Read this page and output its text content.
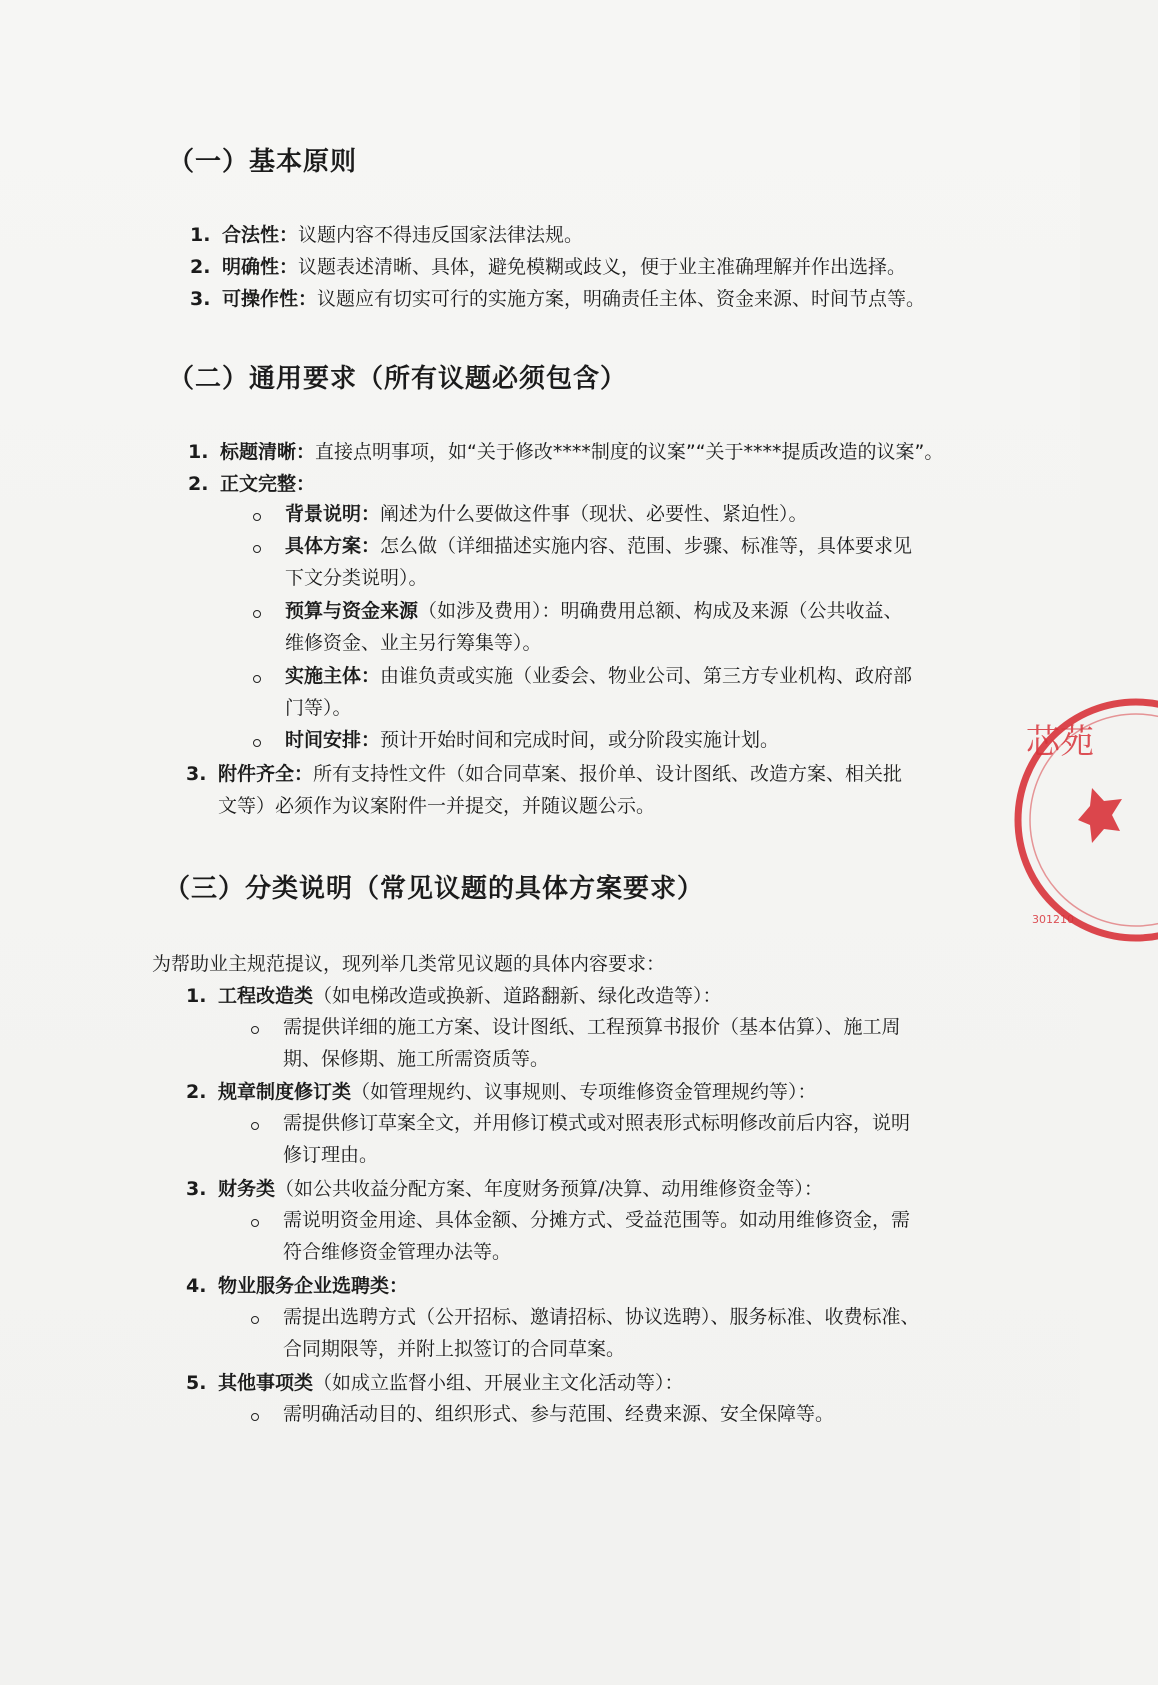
（一）基本原则
1. 合法性：议题内容不得违反国家法律法规。
2. 明确性：议题表述清晰、具体，避免模糊或歧义，便于业主准确理解并作出选择。
3. 可操作性：议题应有切实可行的实施方案，明确责任主体、资金来源、时间节点等。
（二）通用要求（所有议题必须包含）
1. 标题清晰：直接点明事项，如“关于修改****制度的议案”“关于****提质改造的议案”。
2. 正文完整：
背景说明：阐述为什么要做这件事（现状、必要性、紧迫性）。
具体方案：怎么做（详细描述实施内容、范围、步骤、标准等，具体要求见
下文分类说明）。
预算与资金来源（如涉及费用）：明确费用总额、构成及来源（公共收益、
维修资金、业主另行筹集等）。
实施主体：由谁负责或实施（业委会、物业公司、第三方专业机构、政府部
门等）。
时间安排：预计开始时间和完成时间，或分阶段实施计划。
3. 附件齐全：所有支持性文件（如合同草案、报价单、设计图纸、改造方案、相关批
文等）必须作为议案附件一并提交，并随议题公示。
（三）分类说明（常见议题的具体方案要求）
为帮助业主规范提议，现列举几类常见议题的具体内容要求：
1. 工程改造类（如电梯改造或换新、道路翻新、绿化改造等）：
需提供详细的施工方案、设计图纸、工程预算书报价（基本估算）、施工周
期、保修期、施工所需资质等。
2. 规章制度修订类（如管理规约、议事规则、专项维修资金管理规约等）：
需提供修订草案全文，并用修订模式或对照表形式标明修改前后内容，说明
修订理由。
3. 财务类（如公共收益分配方案、年度财务预算/决算、动用维修资金等）：
需说明资金用途、具体金额、分摊方式、受益范围等。如动用维修资金，需
符合维修资金管理办法等。
4. 物业服务企业选聘类：
需提出选聘方式（公开招标、邀请招标、协议选聘）、服务标准、收费标准、
合同期限等，并附上拟签订的合同草案。
5. 其他事项类（如成立监督小组、开展业主文化活动等）：
需明确活动目的、组织形式、参与范围、经费来源、安全保障等。
芯苑
301210
